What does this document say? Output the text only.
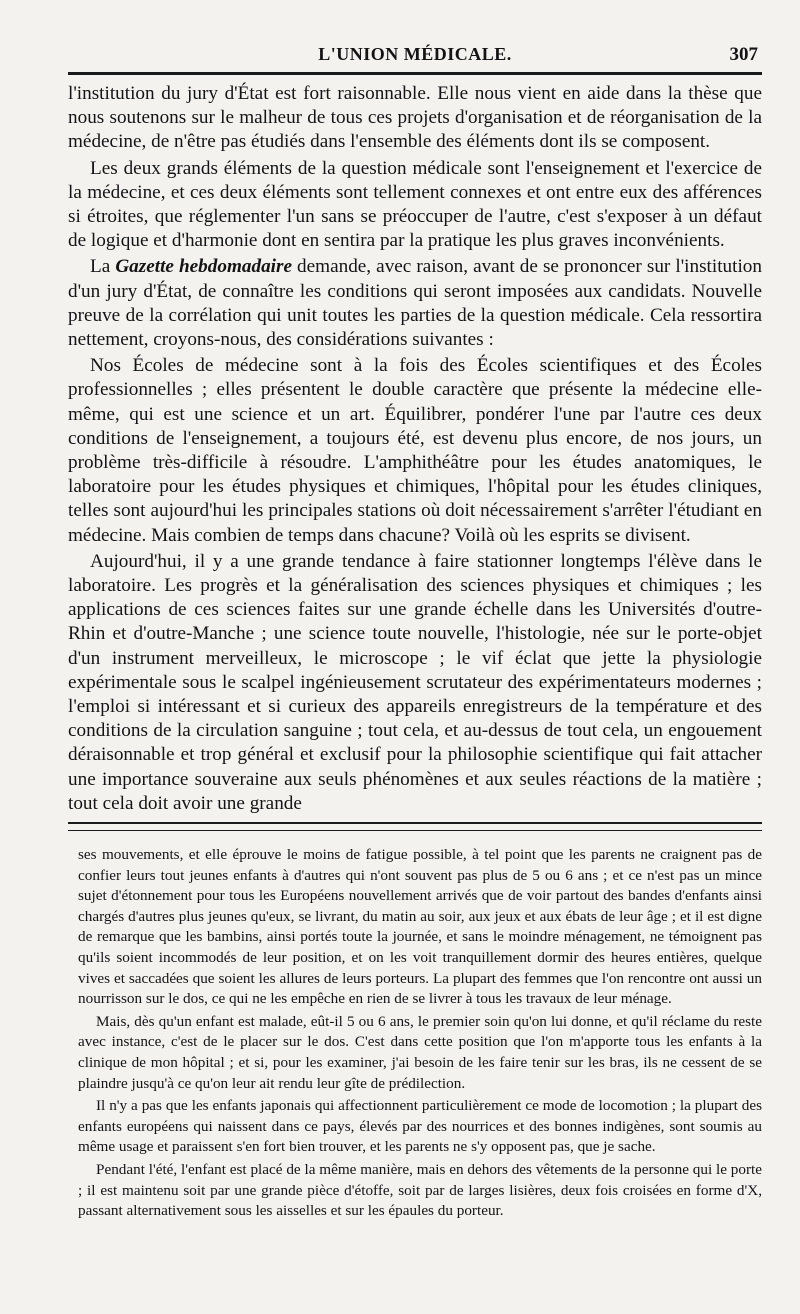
L'UNION MÉDICALE.	307

l'institution du jury d'État est fort raisonnable. Elle nous vient en aide dans la thèse que nous soutenons sur le malheur de tous ces projets d'organisation et de réorganisation de la médecine, de n'être pas étudiés dans l'ensemble des éléments dont ils se composent.

Les deux grands éléments de la question médicale sont l'enseignement et l'exercice de la médecine, et ces deux éléments sont tellement connexes et ont entre eux des afférences si étroites, que réglementer l'un sans se préoccuper de l'autre, c'est s'exposer à un défaut de logique et d'harmonie dont en sentira par la pratique les plus graves inconvénients.

La Gazette hebdomadaire demande, avec raison, avant de se prononcer sur l'institution d'un jury d'État, de connaître les conditions qui seront imposées aux candidats. Nouvelle preuve de la corrélation qui unit toutes les parties de la question médicale. Cela ressortira nettement, croyons-nous, des considérations suivantes :

Nos Écoles de médecine sont à la fois des Écoles scientifiques et des Écoles professionnelles ; elles présentent le double caractère que présente la médecine elle-même, qui est une science et un art. Équilibrer, pondérer l'une par l'autre ces deux conditions de l'enseignement, a toujours été, est devenu plus encore, de nos jours, un problème très-difficile à résoudre. L'amphithéâtre pour les études anatomiques, le laboratoire pour les études physiques et chimiques, l'hôpital pour les études cliniques, telles sont aujourd'hui les principales stations où doit nécessairement s'arrêter l'étudiant en médecine. Mais combien de temps dans chacune? Voilà où les esprits se divisent.

Aujourd'hui, il y a une grande tendance à faire stationner longtemps l'élève dans le laboratoire. Les progrès et la généralisation des sciences physiques et chimiques ; les applications de ces sciences faites sur une grande échelle dans les Universités d'outre-Rhin et d'outre-Manche ; une science toute nouvelle, l'histologie, née sur le porte-objet d'un instrument merveilleux, le microscope ; le vif éclat que jette la physiologie expérimentale sous le scalpel ingénieusement scrutateur des expérimentateurs modernes ; l'emploi si intéressant et si curieux des appareils enregistreurs de la température et des conditions de la circulation sanguine ; tout cela, et au-dessus de tout cela, un engouement déraisonnable et trop général et exclusif pour la philosophie scientifique qui fait attacher une importance souveraine aux seuls phénomènes et aux seules réactions de la matière ; tout cela doit avoir une grande

ses mouvements, et elle éprouve le moins de fatigue possible, à tel point que les parents ne craignent pas de confier leurs tout jeunes enfants à d'autres qui n'ont souvent pas plus de 5 ou 6 ans ; et ce n'est pas un mince sujet d'étonnement pour tous les Européens nouvellement arrivés que de voir partout des bandes d'enfants ainsi chargés d'autres plus jeunes qu'eux, se livrant, du matin au soir, aux jeux et aux ébats de leur âge ; et il est digne de remarque que les bambins, ainsi portés toute la journée, et sans le moindre ménagement, ne témoignent pas qu'ils soient incommodés de leur position, et on les voit tranquillement dormir des heures entières, quelque vives et saccadées que soient les allures de leurs porteurs. La plupart des femmes que l'on rencontre ont aussi un nourrisson sur le dos, ce qui ne les empêche en rien de se livrer à tous les travaux de leur ménage.

Mais, dès qu'un enfant est malade, eût-il 5 ou 6 ans, le premier soin qu'on lui donne, et qu'il réclame du reste avec instance, c'est de le placer sur le dos. C'est dans cette position que l'on m'apporte tous les enfants à la clinique de mon hôpital ; et si, pour les examiner, j'ai besoin de les faire tenir sur les bras, ils ne cessent de se plaindre jusqu'à ce qu'on leur ait rendu leur gîte de prédilection.

Il n'y a pas que les enfants japonais qui affectionnent particulièrement ce mode de locomotion ; la plupart des enfants européens qui naissent dans ce pays, élevés par des nourrices et des bonnes indigènes, sont soumis au même usage et paraissent s'en fort bien trouver, et les parents ne s'y opposent pas, que je sache.

Pendant l'été, l'enfant est placé de la même manière, mais en dehors des vêtements de la personne qui le porte ; il est maintenu soit par une grande pièce d'étoffe, soit par de larges lisières, deux fois croisées en forme d'X, passant alternativement sous les aisselles et sur les épaules du porteur.
